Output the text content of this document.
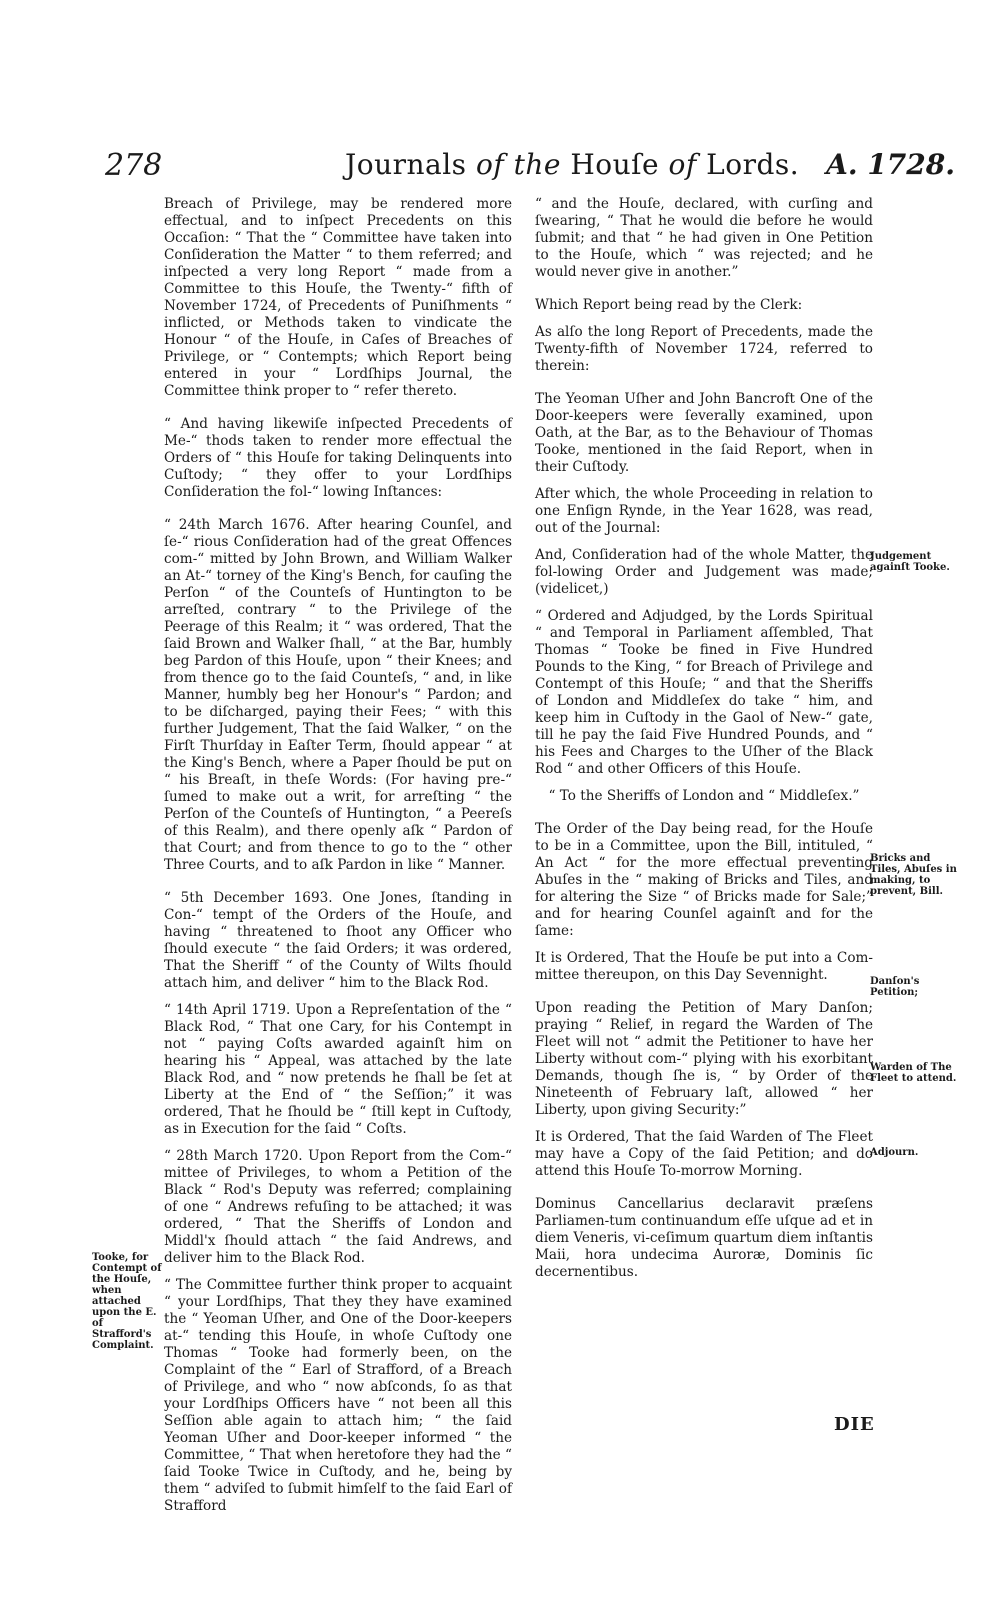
278	Journals of the Houſe of Lords. A. 1728.

Breach of Privilege, may be rendered more effectual, and to inſpect Precedents on this Occaſion: “ That the “ Committee have taken into Conſideration the Matter “ to them referred; and inſpected a very long Report “ made from a Committee to this Houſe, the Twenty-“ fifth of November 1724, of Precedents of Puniſhments “ inflicted, or Methods taken to vindicate the Honour “ of the Houſe, in Caſes of Breaches of Privilege, or “ Contempts; which Report being entered in your “ Lordſhips Journal, the Committee think proper to “ refer thereto.

“ And having likewiſe inſpected Precedents of Me-“ thods taken to render more effectual the Orders of “ this Houſe for taking Delinquents into Cuſtody; “ they offer to your Lordſhips Conſideration the fol-“ lowing Inſtances:

“ 24th March 1676. After hearing Counſel, and ſe-“ rious Conſideration had of the great Offences com-“ mitted by John Brown, and William Walker an At-“ torney of the King's Bench, for cauſing the Perſon “ of the Counteſs of Huntington to be arreſted, contrary “ to the Privilege of the Peerage of this Realm; it “ was ordered, That the ſaid Brown and Walker ſhall, “ at the Bar, humbly beg Pardon of this Houſe, upon “ their Knees; and from thence go to the ſaid Counteſs, “ and, in like Manner, humbly beg her Honour's “ Pardon; and to be diſcharged, paying their Fees; “ with this further Judgement, That the ſaid Walker, “ on the Firſt Thurſday in Eaſter Term, ſhould appear “ at the King's Bench, where a Paper ſhould be put on “ his Breaſt, in theſe Words: (For having pre-“ ſumed to make out a writ, for arreſting “ the Perſon of the Counteſs of Huntington, “ a Peereſs of this Realm), and there openly aſk “ Pardon of that Court; and from thence to go to the “ other Three Courts, and to aſk Pardon in like “ Manner.

“ 5th December 1693. One Jones, ſtanding in Con-“ tempt of the Orders of the Houſe, and having “ threatened to ſhoot any Officer who ſhould execute “ the ſaid Orders; it was ordered, That the Sheriff “ of the County of Wilts ſhould attach him, and deliver “ him to the Black Rod.

“ 14th April 1719. Upon a Repreſentation of the “ Black Rod, “ That one Cary, for his Contempt in not “ paying Coſts awarded againſt him on hearing his “ Appeal, was attached by the late Black Rod, and “ now pretends he ſhall be ſet at Liberty at the End of “ the Seſſion;” it was ordered, That he ſhould be “ ſtill kept in Cuſtody, as in Execution for the ſaid “ Coſts.

“ 28th March 1720. Upon Report from the Com-“ mittee of Privileges, to whom a Petition of the Black “ Rod's Deputy was referred; complaining of one “ Andrews refuſing to be attached; it was ordered, “ That the Sheriffs of London and Middl'x ſhould attach “ the ſaid Andrews, and deliver him to the Black Rod.

“ The Committee further think proper to acquaint “ your Lordſhips, That they they have examined the “ Yeoman Uſher, and One of the Door-keepers at-“ tending this Houſe, in whoſe Cuſtody one Thomas “ Tooke had formerly been, on the Complaint of the “ Earl of Strafford, of a Breach of Privilege, and who “ now abſconds, ſo as that your Lordſhips Officers have “ not been all this Seſſion able again to attach him; “ the ſaid Yeoman Uſher and Door-keeper informed “ the Committee, “ That when heretofore they had the “ ſaid Tooke Twice in Cuſtody, and he, being by them “ adviſed to ſubmit himſelf to the ſaid Earl of Strafford

“ and the Houſe, declared, with curſing and ſwearing, “ That he would die before he would ſubmit; and that “ he had given in One Petition to the Houſe, which “ was rejected; and he would never give in another.”

Which Report being read by the Clerk:

As alſo the long Report of Precedents, made the Twenty-fifth of November 1724, referred to therein:

The Yeoman Uſher and John Bancroft One of the Door-keepers were ſeverally examined, upon Oath, at the Bar, as to the Behaviour of Thomas Tooke, mentioned in the ſaid Report, when in their Cuſtody.

After which, the whole Proceeding in relation to one Enſign Rynde, in the Year 1628, was read, out of the Journal:

And, Conſideration had of the whole Matter, the fol-lowing Order and Judgement was made; (videlicet,)

“ Ordered and Adjudged, by the Lords Spiritual “ and Temporal in Parliament aſſembled, That Thomas “ Tooke be fined in Five Hundred Pounds to the King, “ for Breach of Privilege and Contempt of this Houſe; “ and that the Sheriffs of London and Middleſex do take “ him, and keep him in Cuſtody in the Gaol of New-“ gate, till he pay the ſaid Five Hundred Pounds, and “ his Fees and Charges to the Uſher of the Black Rod “ and other Officers of this Houſe.

“ To the Sheriffs of London and “ Middleſex.”

The Order of the Day being read, for the Houſe to be in a Committee, upon the Bill, intituled, “ An Act “ for the more effectual preventing Abuſes in the “ making of Bricks and Tiles, and for altering the Size “ of Bricks made for Sale;” and for hearing Counſel againſt and for the ſame:

It is Ordered, That the Houſe be put into a Com-mittee thereupon, on this Day Sevennight.

Upon reading the Petition of Mary Danſon; praying “ Relief, in regard the Warden of The Fleet will not “ admit the Petitioner to have her Liberty without com-“ plying with his exorbitant Demands, though ſhe is, “ by Order of the Nineteenth of February laſt, allowed “ her Liberty, upon giving Security:”

It is Ordered, That the ſaid Warden of The Fleet may have a Copy of the ſaid Petition; and do attend this Houſe To-morrow Morning.

Dominus Cancellarius declaravit præſens Parliamen-tum continuandum eſſe uſque ad et in diem Veneris, vi-ceſimum quartum diem inſtantis Maii, hora undecima Auroræ, Dominis ſic decernentibus.

Tooke, for Contempt of the Houſe, when attached upon the E. of Strafford's Complaint.
Judgement againſt Tooke.
Bricks and Tiles, Abuſes in making, to prevent, Bill.
Danſon's Petition;
Warden of The Fleet to attend.
Adjourn.
DIE
